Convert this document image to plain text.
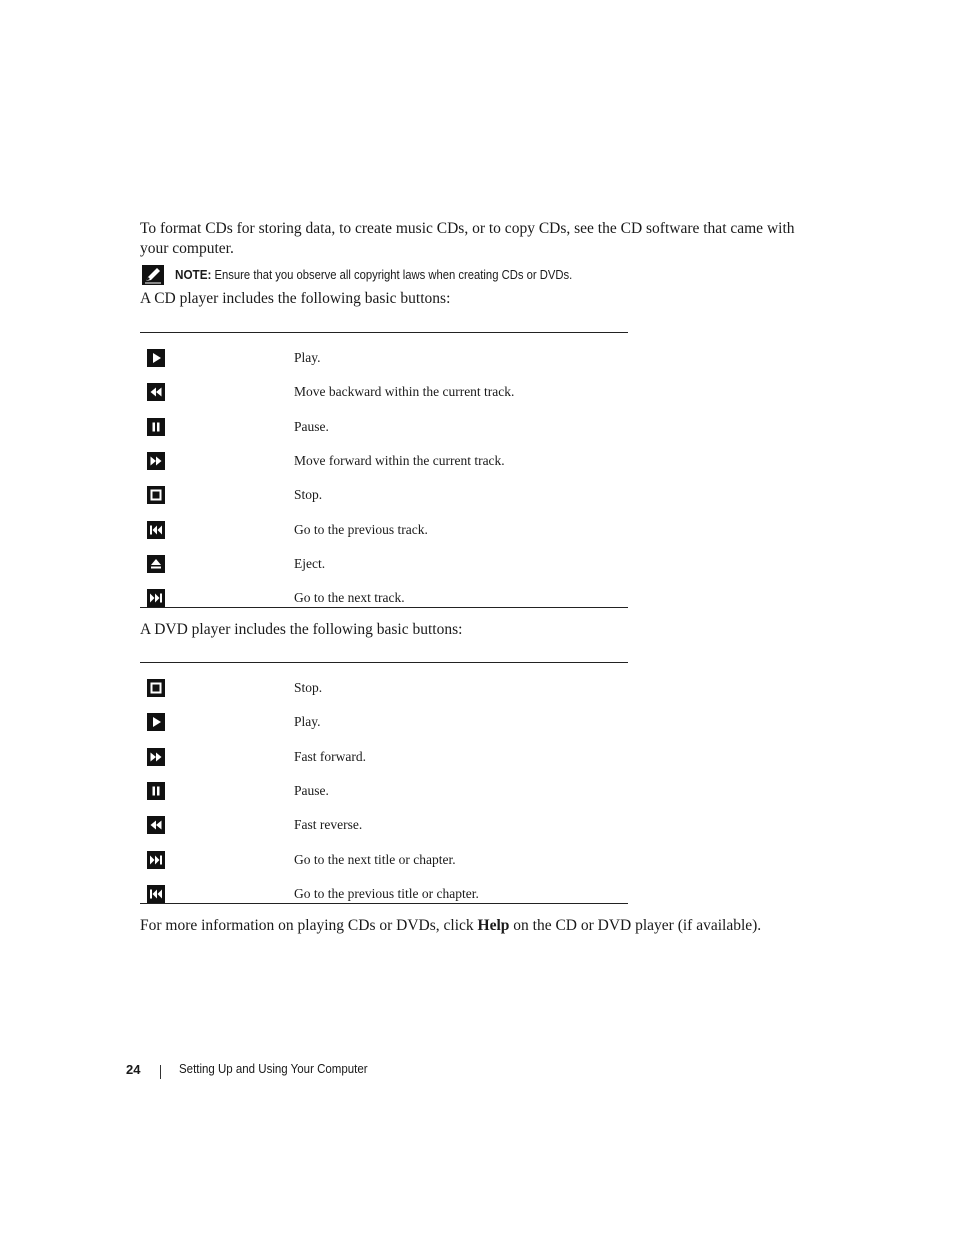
To format CDs for storing data, to create music CDs, or to copy CDs, see the CD software that came with your computer.

NOTE: Ensure that you observe all copyright laws when creating CDs or DVDs.

A CD player includes the following basic buttons:

Play.
Move backward within the current track.
Pause.
Move forward within the current track.
Stop.
Go to the previous track.
Eject.
Go to the next track.

A DVD player includes the following basic buttons:

Stop.
Play.
Fast forward.
Pause.
Fast reverse.
Go to the next title or chapter.
Go to the previous title or chapter.

For more information on playing CDs or DVDs, click Help on the CD or DVD player (if available).

24	Setting Up and Using Your Computer
